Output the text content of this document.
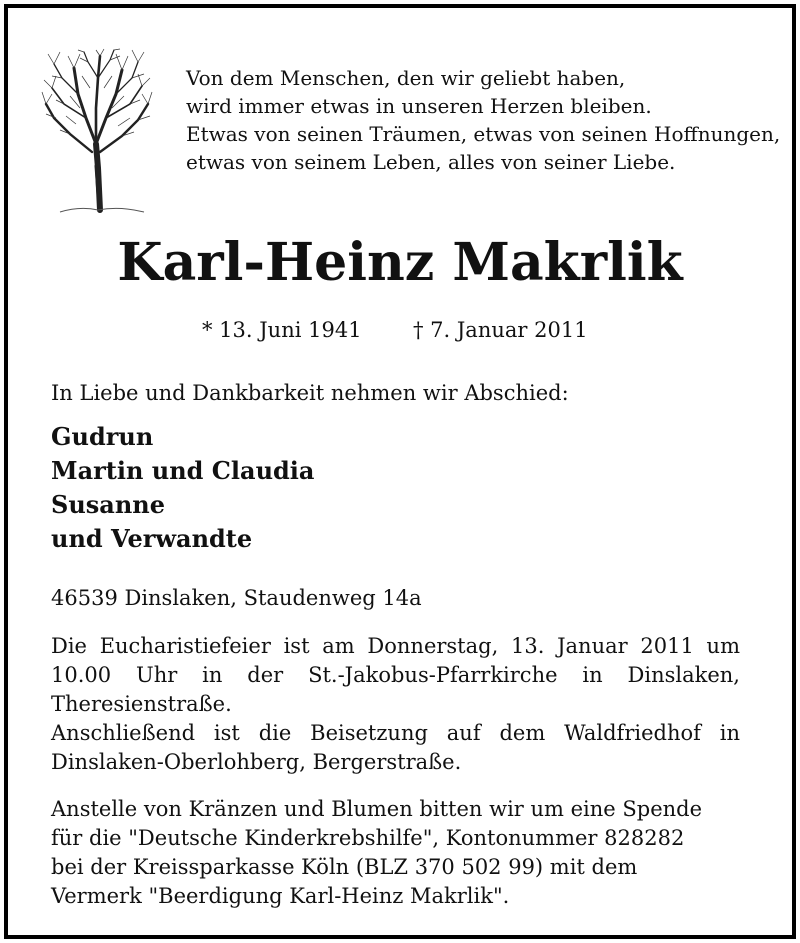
Von dem Menschen, den wir geliebt haben,
wird immer etwas in unseren Herzen bleiben.
Etwas von seinen Träumen, etwas von seinen Hoffnungen,
etwas von seinem Leben, alles von seiner Liebe.
Karl-Heinz Makrlik
* 13. Juni 1941 † 7. Januar 2011
In Liebe und Dankbarkeit nehmen wir Abschied:
Gudrun
Martin und Claudia
Susanne
und Verwandte
46539 Dinslaken, Staudenweg 14a
Die Eucharistiefeier ist am Donnerstag, 13. Januar 2011 um
10.00 Uhr in der St.-Jakobus-Pfarrkirche in Dinslaken,
Theresienstraße.
Anschließend ist die Beisetzung auf dem Waldfriedhof in
Dinslaken-Oberlohberg, Bergerstraße.
Anstelle von Kränzen und Blumen bitten wir um eine Spende
für die "Deutsche Kinderkrebshilfe", Kontonummer 828282
bei der Kreissparkasse Köln (BLZ 370 502 99) mit dem
Vermerk "Beerdigung Karl-Heinz Makrlik".
